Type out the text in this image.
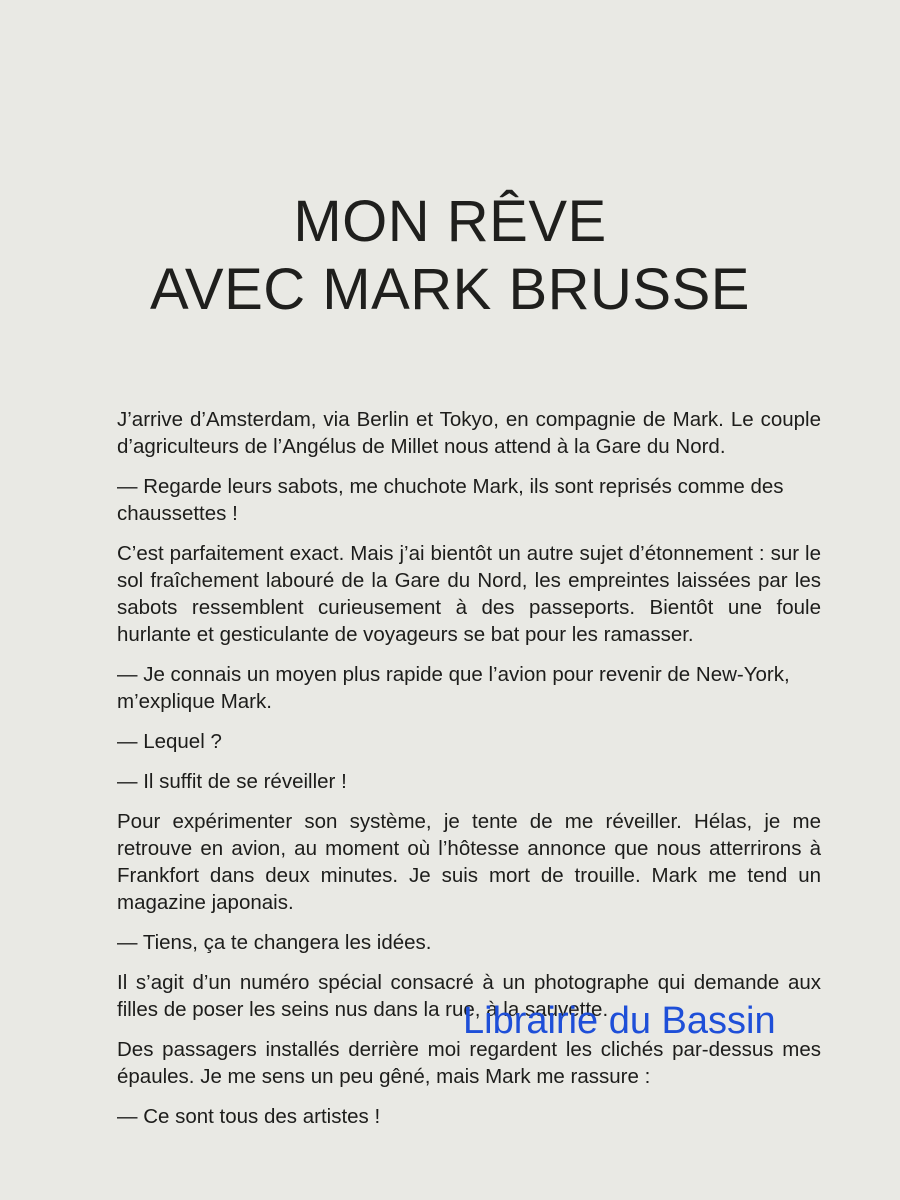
MON RÊVE
AVEC MARK BRUSSE

J’arrive d’Amsterdam, via Berlin et Tokyo, en compagnie de Mark. Le couple d’agriculteurs de l’Angélus de Millet nous attend à la Gare du Nord.

— Regarde leurs sabots, me chuchote Mark, ils sont reprisés comme des chaussettes !

C’est parfaitement exact. Mais j’ai bientôt un autre sujet d’étonnement : sur le sol fraîchement labouré de la Gare du Nord, les empreintes laissées par les sabots ressemblent curieusement à des passeports. Bientôt une foule hurlante et gesticulante de voyageurs se bat pour les ramasser.

— Je connais un moyen plus rapide que l’avion pour revenir de New-York, m’explique Mark.

— Lequel ?

— Il suffit de se réveiller !

Pour expérimenter son système, je tente de me réveiller. Hélas, je me retrouve en avion, au moment où l’hôtesse annonce que nous atterrirons à Frankfort dans deux minutes. Je suis mort de trouille. Mark me tend un magazine japonais.

— Tiens, ça te changera les idées.

Il s’agit d’un numéro spécial consacré à un photographe qui demande aux filles de poser les seins nus dans la rue, à la sauvette.

Des passagers installés derrière moi regardent les clichés par-dessus mes épaules. Je me sens un peu gêné, mais Mark me rassure :

— Ce sont tous des artistes !

Librairie du Bassin
